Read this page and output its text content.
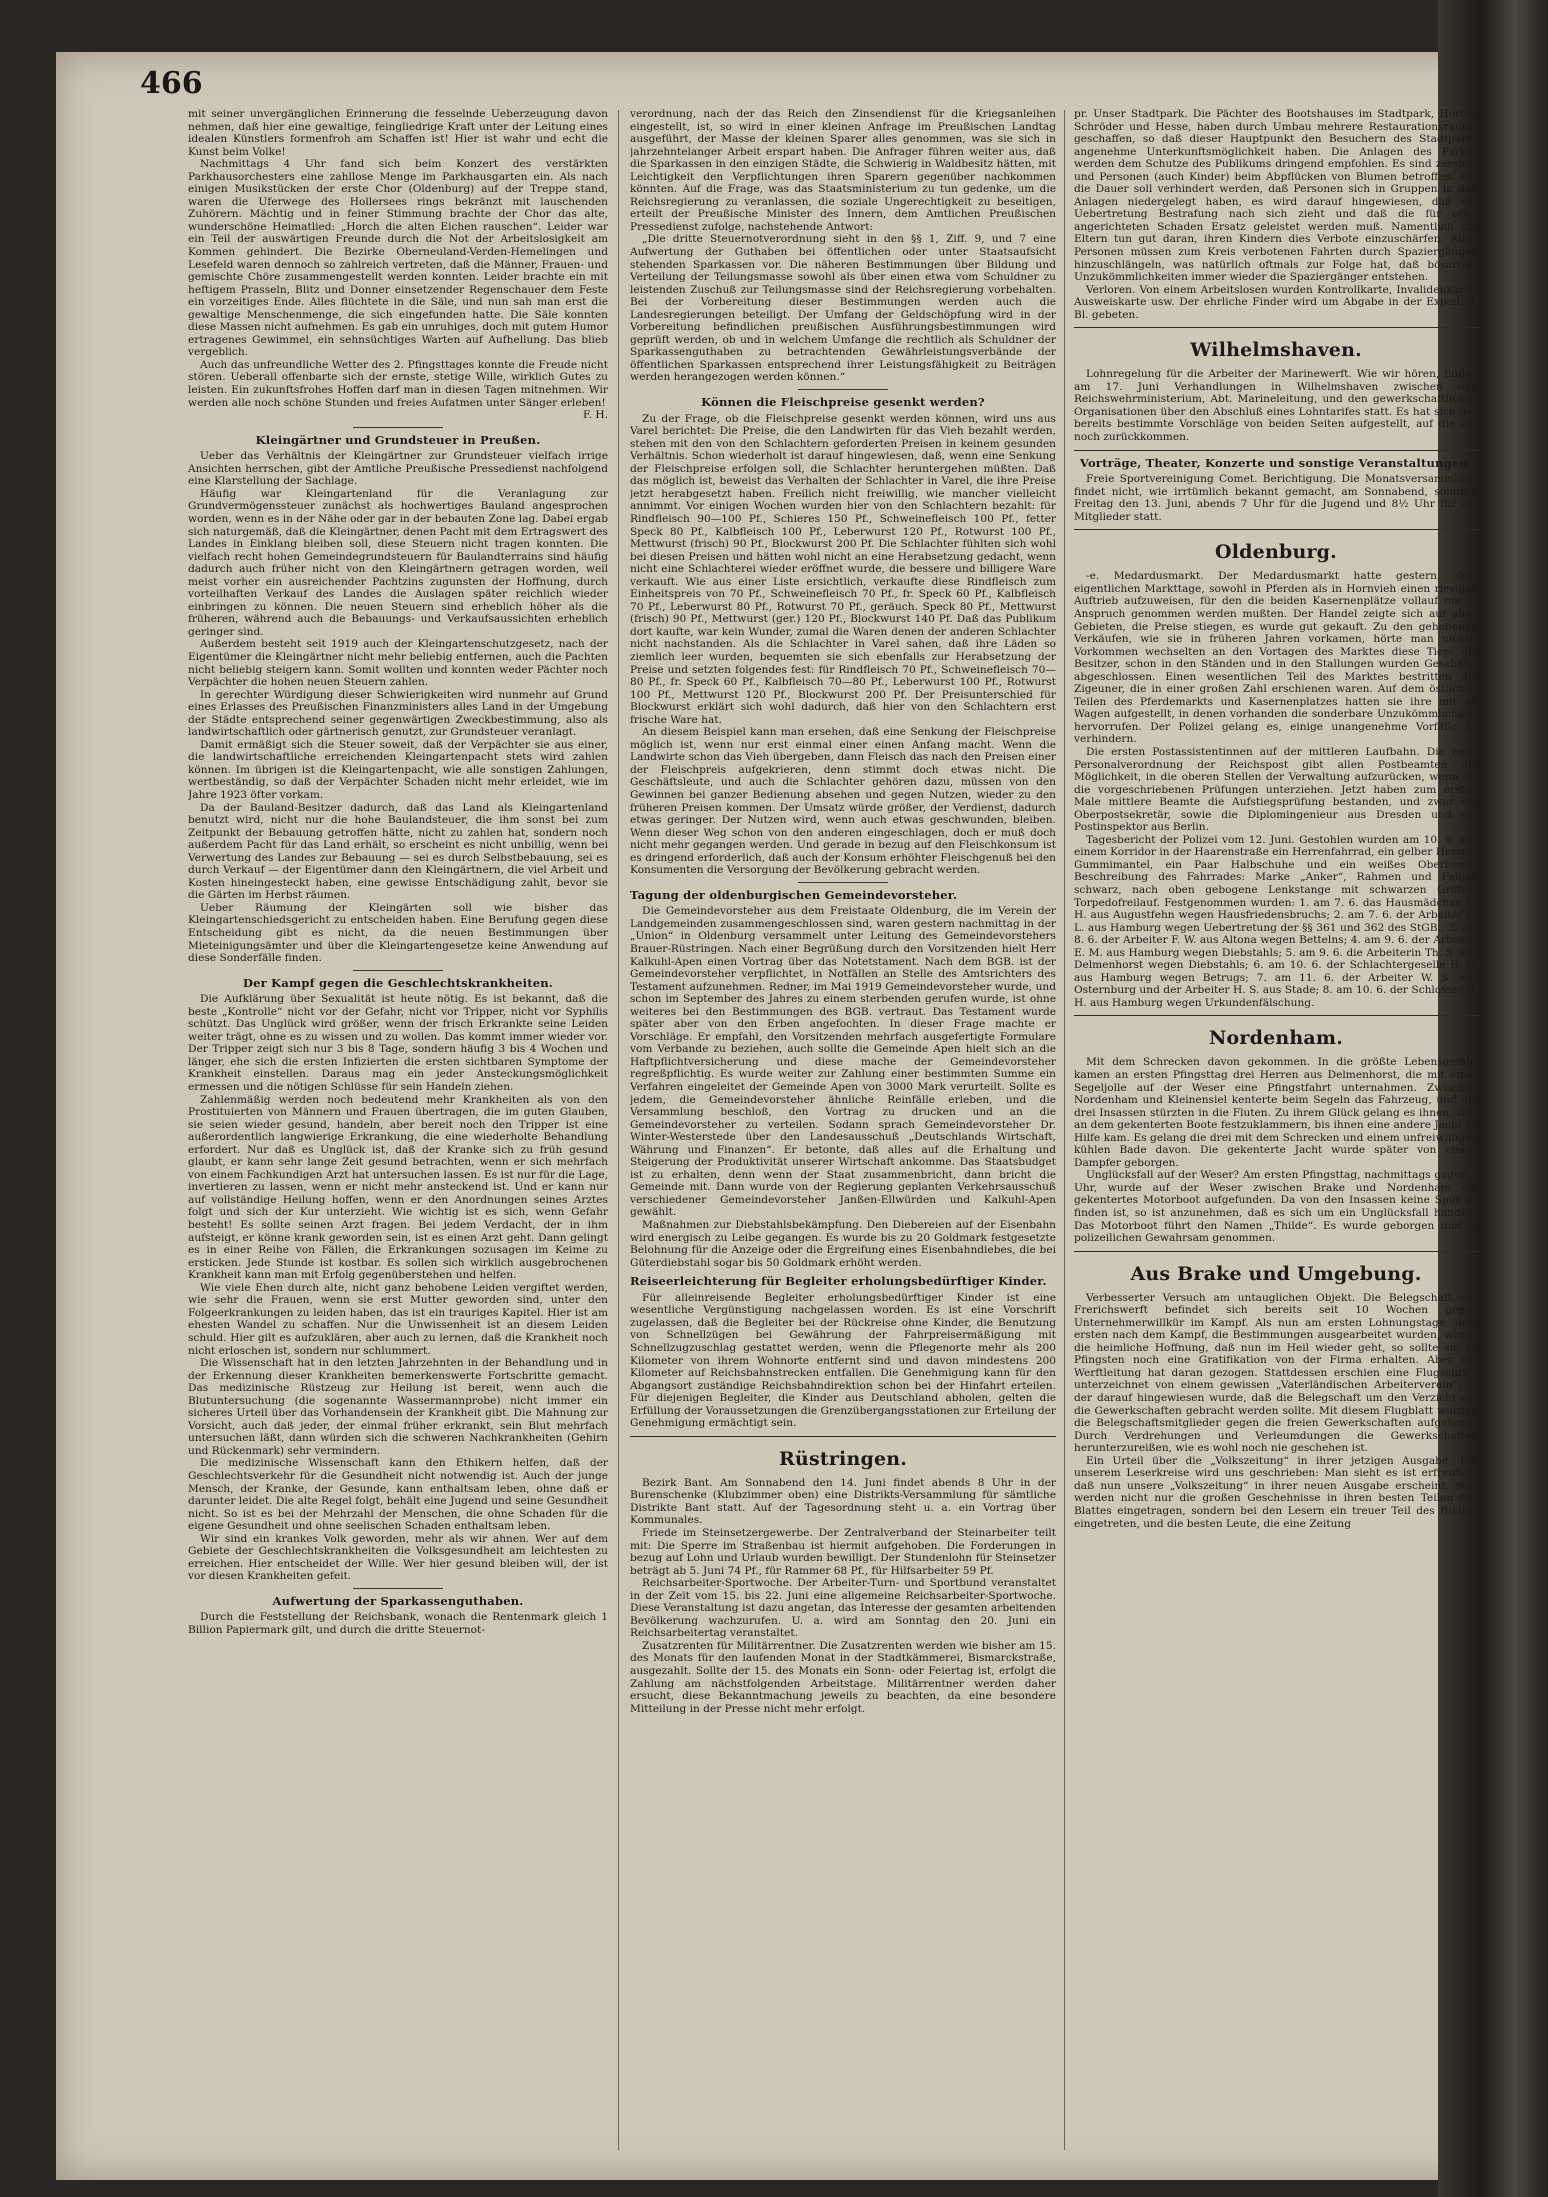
466

mit seiner unvergänglichen Erinnerung die fesselnde Ueberzeugung davon nehmen, daß hier eine gewaltige, feingliedrige Kraft unter der Leitung eines idealen Künstlers formenfroh am Schaffen ist! Hier ist wahr und echt die Kunst beim Volke!

Nachmittags 4 Uhr fand sich beim Konzert des verstärkten Parkhausorchesters eine zahllose Menge im Parkhausgarten ein. Als nach einigen Musikstücken der erste Chor (Oldenburg) auf der Treppe stand, waren die Uferwege des Hollersees rings bekränzt mit lauschenden Zuhörern. Mächtig und in feiner Stimmung brachte der Chor das alte, wunderschöne Heimatlied: „Horch die alten Eichen rauschen“. Leider war ein Teil der auswärtigen Freunde durch die Not der Arbeitslosigkeit am Kommen gehindert. Die Bezirke Oberneuland-Verden-Hemelingen und Lesefeld waren dennoch so zahlreich vertreten, daß die Männer, Frauen- und gemischte Chöre zusammengestellt werden konnten. Leider brachte ein mit heftigem Prasseln, Blitz und Donner einsetzender Regenschauer dem Feste ein vorzeitiges Ende. Alles flüchtete in die Säle, und nun sah man erst die gewaltige Menschenmenge, die sich eingefunden hatte. Die Säle konnten diese Massen nicht aufnehmen. Es gab ein unruhiges, doch mit gutem Humor ertragenes Gewimmel, ein sehnsüchtiges Warten auf Aufhellung. Das blieb vergeblich.

Auch das unfreundliche Wetter des 2. Pfingsttages konnte die Freude nicht stören. Ueberall offenbarte sich der ernste, stetige Wille, wirklich Gutes zu leisten. Ein zukunftsfrohes Hoffen darf man in diesen Tagen mitnehmen. Wir werden alle noch schöne Stunden und freies Aufatmen unter Sänger erleben!

F. H.

Kleingärtner und Grundsteuer in Preußen.

Ueber das Verhältnis der Kleingärtner zur Grundsteuer vielfach irrige Ansichten herrschen, gibt der Amtliche Preußische Pressedienst nachfolgend eine Klarstellung der Sachlage.

Häufig war Kleingartenland für die Veranlagung zur Grundvermögenssteuer zunächst als hochwertiges Bauland angesprochen worden, wenn es in der Nähe oder gar in der bebauten Zone lag. Dabei ergab sich naturgemäß, daß die Kleingärtner, denen Pacht mit dem Ertragswert des Landes in Einklang bleiben soll, diese Steuern nicht tragen konnten. Die vielfach recht hohen Gemeindegrundsteuern für Baulandterrains sind häufig dadurch auch früher nicht von den Kleingärtnern getragen worden, weil meist vorher ein ausreichender Pachtzins zugunsten der Hoffnung, durch vorteilhaften Verkauf des Landes die Auslagen später reichlich wieder einbringen zu können. Die neuen Steuern sind erheblich höher als die früheren, während auch die Bebauungs- und Verkaufsaussichten erheblich geringer sind.

Außerdem besteht seit 1919 auch der Kleingartenschutzgesetz, nach der Eigentümer die Kleingärtner nicht mehr beliebig entfernen, auch die Pachten nicht beliebig steigern kann. Somit wollten und konnten weder Pächter noch Verpächter die hohen neuen Steuern zahlen.

In gerechter Würdigung dieser Schwierigkeiten wird nunmehr auf Grund eines Erlasses des Preußischen Finanzministers alles Land in der Umgebung der Städte entsprechend seiner gegenwärtigen Zweckbestimmung, also als landwirtschaftlich oder gärtnerisch genutzt, zur Grundsteuer veranlagt.

Damit ermäßigt sich die Steuer soweit, daß der Verpächter sie aus einer, die landwirtschaftliche erreichenden Kleingartenpacht stets wird zahlen können. Im übrigen ist die Kleingartenpacht, wie alle sonstigen Zahlungen, wertbeständig, so daß der Verpächter Schaden nicht mehr erleidet, wie im Jahre 1923 öfter vorkam.

Da der Bauland-Besitzer dadurch, daß das Land als Kleingartenland benutzt wird, nicht nur die hohe Baulandsteuer, die ihm sonst bei zum Zeitpunkt der Bebauung getroffen hätte, nicht zu zahlen hat, sondern noch außerdem Pacht für das Land erhält, so erscheint es nicht unbillig, wenn bei Verwertung des Landes zur Bebauung — sei es durch Selbstbebauung, sei es durch Verkauf — der Eigentümer dann den Kleingärtnern, die viel Arbeit und Kosten hineingesteckt haben, eine gewisse Entschädigung zahlt, bevor sie die Gärten im Herbst räumen.

Ueber Räumung der Kleingärten soll wie bisher das Kleingartenschiedsgericht zu entscheiden haben. Eine Berufung gegen diese Entscheidung gibt es nicht, da die neuen Bestimmungen über Mieteinigungsämter und über die Kleingartengesetze keine Anwendung auf diese Sonderfälle finden.

Der Kampf gegen die Geschlechtskrankheiten.

Die Aufklärung über Sexualität ist heute nötig. Es ist bekannt, daß die beste „Kontrolle“ nicht vor der Gefahr, nicht vor Tripper, nicht vor Syphilis schützt. Das Unglück wird größer, wenn der frisch Erkrankte seine Leiden weiter trägt, ohne es zu wissen und zu wollen. Das kommt immer wieder vor. Der Tripper zeigt sich nur 3 bis 8 Tage, sondern häufig 3 bis 4 Wochen und länger, ehe sich die ersten Infizierten die ersten sichtbaren Symptome der Krankheit einstellen. Daraus mag ein jeder Ansteckungsmöglichkeit ermessen und die nötigen Schlüsse für sein Handeln ziehen.

Zahlenmäßig werden noch bedeutend mehr Krankheiten als von den Prostituierten von Männern und Frauen übertragen, die im guten Glauben, sie seien wieder gesund, handeln, aber bereit noch den Tripper ist eine außerordentlich langwierige Erkrankung, die eine wiederholte Behandlung erfordert. Nur daß es Unglück ist, daß der Kranke sich zu früh gesund glaubt, er kann sehr lange Zeit gesund betrachten, wenn er sich mehrfach von einem Fachkundigen Arzt hat untersuchen lassen. Es ist nur für die Lage, invertieren zu lassen, wenn er nicht mehr ansteckend ist. Und er kann nur auf vollständige Heilung hoffen, wenn er den Anordnungen seines Arztes folgt und sich der Kur unterzieht. Wie wichtig ist es sich, wenn Gefahr besteht! Es sollte seinen Arzt fragen. Bei jedem Verdacht, der in ihm aufsteigt, er könne krank geworden sein, ist es einen Arzt geht. Dann gelingt es in einer Reihe von Fällen, die Erkrankungen sozusagen im Keime zu ersticken. Jede Stunde ist kostbar. Es sollen sich wirklich ausgebrochenen Krankheit kann man mit Erfolg gegenüberstehen und helfen.

Wie viele Ehen durch alte, nicht ganz behobene Leiden vergiftet werden, wie sehr die Frauen, wenn sie erst Mutter geworden sind, unter den Folgeerkrankungen zu leiden haben, das ist ein trauriges Kapitel. Hier ist am ehesten Wandel zu schaffen. Nur die Unwissenheit ist an diesem Leiden schuld. Hier gilt es aufzuklären, aber auch zu lernen, daß die Krankheit noch nicht erloschen ist, sondern nur schlummert.

Die Wissenschaft hat in den letzten Jahrzehnten in der Behandlung und in der Erkennung dieser Krankheiten bemerkenswerte Fortschritte gemacht. Das medizinische Rüstzeug zur Heilung ist bereit, wenn auch die Blutuntersuchung (die sogenannte Wassermannprobe) nicht immer ein sicheres Urteil über das Vorhandensein der Krankheit gibt. Die Mahnung zur Vorsicht, auch daß jeder, der einmal früher erkrankt, sein Blut mehrfach untersuchen läßt, dann würden sich die schweren Nachkrankheiten (Gehirn und Rückenmark) sehr vermindern.

Die medizinische Wissenschaft kann den Ethikern helfen, daß der Geschlechtsverkehr für die Gesundheit nicht notwendig ist. Auch der junge Mensch, der Kranke, der Gesunde, kann enthaltsam leben, ohne daß er darunter leidet. Die alte Regel folgt, behält eine Jugend und seine Gesundheit nicht. So ist es bei der Mehrzahl der Menschen, die ohne Schaden für die eigene Gesundheit und ohne seelischen Schaden enthaltsam leben.

Wir sind ein krankes Volk geworden, mehr als wir ahnen. Wer auf dem Gebiete der Geschlechtskrankheiten die Volksgesundheit am leichtesten zu erreichen. Hier entscheidet der Wille. Wer hier gesund bleiben will, der ist vor diesen Krankheiten gefeit.

Aufwertung der Sparkassenguthaben.

Durch die Feststellung der Reichsbank, wonach die Rentenmark gleich 1 Billion Papiermark gilt, und durch die dritte Steuernot-

verordnung, nach der das Reich den Zinsendienst für die Kriegsanleihen eingestellt, ist, so wird in einer kleinen Anfrage im Preußischen Landtag ausgeführt, der Masse der kleinen Sparer alles genommen, was sie sich in jahrzehntelanger Arbeit erspart haben. Die Anfrager führen weiter aus, daß die Sparkassen in den einzigen Städte, die Schwierig in Waldbesitz hätten, mit Leichtigkeit den Verpflichtungen ihren Sparern gegenüber nachkommen könnten. Auf die Frage, was das Staatsministerium zu tun gedenke, um die Reichsregierung zu veranlassen, die soziale Ungerechtigkeit zu beseitigen, erteilt der Preußische Minister des Innern, dem Amtlichen Preußischen Pressedienst zufolge, nachstehende Antwort:

„Die dritte Steuernotverordnung sieht in den §§ 1, Ziff. 9, und 7 eine Aufwertung der Guthaben bei öffentlichen oder unter Staatsaufsicht stehenden Sparkassen vor. Die näheren Bestimmungen über Bildung und Verteilung der Teilungsmasse sowohl als über einen etwa vom Schuldner zu leistenden Zuschuß zur Teilungsmasse sind der Reichsregierung vorbehalten. Bei der Vorbereitung dieser Bestimmungen werden auch die Landesregierungen beteiligt. Der Umfang der Geldschöpfung wird in der Vorbereitung befindlichen preußischen Ausführungsbestimmungen wird geprüft werden, ob und in welchem Umfange die rechtlich als Schuldner der Sparkassenguthaben zu betrachtenden Gewährleistungsverbände der öffentlichen Sparkassen entsprechend ihrer Leistungsfähigkeit zu Beiträgen werden herangezogen werden können.“

Können die Fleischpreise gesenkt werden?

Zu der Frage, ob die Fleischpreise gesenkt werden können, wird uns aus Varel berichtet: Die Preise, die den Landwirten für das Vieh bezahlt werden, stehen mit den von den Schlachtern geforderten Preisen in keinem gesunden Verhältnis. Schon wiederholt ist darauf hingewiesen, daß, wenn eine Senkung der Fleischpreise erfolgen soll, die Schlachter heruntergehen müßten. Daß das möglich ist, beweist das Verhalten der Schlachter in Varel, die ihre Preise jetzt herabgesetzt haben. Freilich nicht freiwillig, wie mancher vielleicht annimmt. Vor einigen Wochen wurden hier von den Schlachtern bezahlt: für Rindfleisch 90—100 Pf., Schieres 150 Pf., Schweinefleisch 100 Pf., fetter Speck 80 Pf., Kalbfleisch 100 Pf., Leberwurst 120 Pf., Rotwurst 100 Pf., Mettwurst (frisch) 90 Pf., Blockwurst 200 Pf. Die Schlachter fühlten sich wohl bei diesen Preisen und hätten wohl nicht an eine Herabsetzung gedacht, wenn nicht eine Schlachterei wieder eröffnet wurde, die bessere und billigere Ware verkauft. Wie aus einer Liste ersichtlich, verkaufte diese Rindfleisch zum Einheitspreis von 70 Pf., Schweinefleisch 70 Pf., fr. Speck 60 Pf., Kalbfleisch 70 Pf., Leberwurst 80 Pf., Rotwurst 70 Pf., geräuch. Speck 80 Pf., Mettwurst (frisch) 90 Pf., Mettwurst (ger.) 120 Pf., Blockwurst 140 Pf. Daß das Publikum dort kaufte, war kein Wunder, zumal die Waren denen der anderen Schlachter nicht nachstanden. Als die Schlachter in Varel sahen, daß ihre Läden so ziemlich leer wurden, bequemten sie sich ebenfalls zur Herabsetzung der Preise und setzten folgendes fest: für Rindfleisch 70 Pf., Schweinefleisch 70—80 Pf., fr. Speck 60 Pf., Kalbfleisch 70—80 Pf., Leberwurst 100 Pf., Rotwurst 100 Pf., Mettwurst 120 Pf., Blockwurst 200 Pf. Der Preisunterschied für Blockwurst erklärt sich wohl dadurch, daß hier von den Schlachtern erst frische Ware hat.

An diesem Beispiel kann man ersehen, daß eine Senkung der Fleischpreise möglich ist, wenn nur erst einmal einer einen Anfang macht. Wenn die Landwirte schon das Vieh übergeben, dann Fleisch das nach den Preisen einer der Fleischpreis aufgekrieren, denn stimmt doch etwas nicht. Die Geschäftsleute, und auch die Schlachter gehören dazu, müssen von den Gewinnen bei ganzer Bedienung absehen und gegen Nutzen, wieder zu den früheren Preisen kommen. Der Umsatz würde größer, der Verdienst, dadurch etwas geringer. Der Nutzen wird, wenn auch etwas geschwunden, bleiben. Wenn dieser Weg schon von den anderen eingeschlagen, doch er muß doch nicht mehr gegangen werden. Und gerade in bezug auf den Fleischkonsum ist es dringend erforderlich, daß auch der Konsum erhöhter Fleischgenuß bei den Konsumenten die Versorgung der Bevölkerung gebracht werden.

Tagung der oldenburgischen Gemeindevorsteher.

Die Gemeindevorsteher aus dem Freistaate Oldenburg, die im Verein der Landgemeinden zusammengeschlossen sind, waren gestern nachmittag in der „Union“ in Oldenburg versammelt unter Leitung des Gemeindevorstehers Brauer-Rüstringen. Nach einer Begrüßung durch den Vorsitzenden hielt Herr Kalkuhl-Apen einen Vortrag über das Notetstament. Nach dem BGB. ist der Gemeindevorsteher verpflichtet, in Notfällen an Stelle des Amtsrichters des Testament aufzunehmen. Redner, im Mai 1919 Gemeindevorsteher wurde, und schon im September des Jahres zu einem sterbenden gerufen wurde, ist ohne weiteres bei den Bestimmungen des BGB. vertraut. Das Testament wurde später aber von den Erben angefochten. In dieser Frage machte er Vorschläge. Er empfahl, den Vorsitzenden mehrfach ausgefertigte Formulare vom Verbande zu beziehen, auch sollte die Gemeinde Apen hielt sich an die Haftpflichtversicherung und diese mache der Gemeindevorsteher regreßpflichtig. Es wurde weiter zur Zahlung einer bestimmten Summe ein Verfahren eingeleitet der Gemeinde Apen von 3000 Mark verurteilt. Sollte es jedem, die Gemeindevorsteher ähnliche Reinfälle erleben, und die Versammlung beschloß, den Vortrag zu drucken und an die Gemeindevorsteher zu verteilen. Sodann sprach Gemeindevorsteher Dr. Winter-Westerstede über den Landesausschuß „Deutschlands Wirtschaft, Währung und Finanzen“. Er betonte, daß alles auf die Erhaltung und Steigerung der Produktivität unserer Wirtschaft ankomme. Das Staatsbudget ist zu erhalten, denn wenn der Staat zusammenbricht, dann bricht die Gemeinde mit. Dann wurde von der Regierung geplanten Verkehrsausschuß verschiedener Gemeindevorsteher Janßen-Ellwürden und Kalkuhl-Apen gewählt.

Maßnahmen zur Diebstahlsbekämpfung. Den Diebereien auf der Eisenbahn wird energisch zu Leibe gegangen. Es wurde bis zu 20 Goldmark festgesetzte Belohnung für die Anzeige oder die Ergreifung eines Eisenbahndiebes, die bei Güterdiebstahl sogar bis 50 Goldmark erhöht werden.

Reiseerleichterung für Begleiter erholungsbedürftiger Kinder.

Für alleinreisende Begleiter erholungsbedürftiger Kinder ist eine wesentliche Vergünstigung nachgelassen worden. Es ist eine Vorschrift zugelassen, daß die Begleiter bei der Rückreise ohne Kinder, die Benutzung von Schnellzügen bei Gewährung der Fahrpreisermäßigung mit Schnellzugzuschlag gestattet werden, wenn die Pflegenorte mehr als 200 Kilometer von ihrem Wohnorte entfernt sind und davon mindestens 200 Kilometer auf Reichsbahnstrecken entfallen. Die Genehmigung kann für den Abgangsort zuständige Reichsbahndirektion schon bei der Hinfahrt erteilen. Für diejenigen Begleiter, die Kinder aus Deutschland abholen, gelten die Erfüllung der Voraussetzungen die Grenzübergangsstationen zur Erteilung der Genehmigung ermächtigt sein.

Rüstringen.

Bezirk Bant. Am Sonnabend den 14. Juni findet abends 8 Uhr in der Burenschenke (Klubzimmer oben) eine Distrikts-Versammlung für sämtliche Distrikte Bant statt. Auf der Tagesordnung steht u. a. ein Vortrag über Kommunales.

Friede im Steinsetzergewerbe. Der Zentralverband der Steinarbeiter teilt mit: Die Sperre im Straßenbau ist hiermit aufgehoben. Die Forderungen in bezug auf Lohn und Urlaub wurden bewilligt. Der Stundenlohn für Steinsetzer beträgt ab 5. Juni 74 Pf., für Rammer 68 Pf., für Hilfsarbeiter 59 Pf.

Reichsarbeiter-Sportwoche. Der Arbeiter-Turn- und Sportbund veranstaltet in der Zeit vom 15. bis 22. Juni eine allgemeine Reichsarbeiter-Sportwoche. Diese Veranstaltung ist dazu angetan, das Interesse der gesamten arbeitenden Bevölkerung wachzurufen. U. a. wird am Sonntag den 20. Juni ein Reichsarbeitertag veranstaltet.

Zusatzrenten für Militärrentner. Die Zusatzrenten werden wie bisher am 15. des Monats für den laufenden Monat in der Stadtkämmerei, Bismarckstraße, ausgezahlt. Sollte der 15. des Monats ein Sonn- oder Feiertag ist, erfolgt die Zahlung am nächstfolgenden Arbeitstage. Militärrentner werden daher ersucht, diese Bekanntmachung jeweils zu beachten, da eine besondere Mitteilung in der Presse nicht mehr erfolgt.

pr. Unser Stadtpark. Die Pächter des Bootshauses im Stadtpark, Herren Schröder und Hesse, haben durch Umbau mehrere Restaurationsräume geschaffen, so daß dieser Hauptpunkt den Besuchern des Stadtparks angenehme Unterkunftsmöglichkeit haben. Die Anlagen des Parkes werden dem Schutze des Publikums dringend empfohlen. Es sind zerstört und Personen (auch Kinder) beim Abpflücken von Blumen betroffen. Auf die Dauer soll verhindert werden, daß Personen sich in Gruppen in den Anlagen niedergelegt haben, es wird darauf hingewiesen, daß die Uebertretung Bestrafung nach sich zieht und daß die für etwa angerichteten Schaden Ersatz geleistet werden muß. Namentlich die Eltern tun gut daran, ihren Kindern dies Verbote einzuschärfen. Allen Personen müssen zum Kreis verbotenen Fahrten durch Spaziergängen hinzuschlängeln, was natürlich oftmals zur Folge hat, daß bösartige Unzukömmlichkeiten immer wieder die Spaziergänger entstehen.

Verloren. Von einem Arbeitslosen wurden Kontrollkarte, Invalidenkarte, Ausweiskarte usw. Der ehrliche Finder wird um Abgabe in der Exped. d. Bl. gebeten.

Wilhelmshaven.

Lohnregelung für die Arbeiter der Marinewerft. Wie wir hören, finden am 17. Juni Verhandlungen in Wilhelmshaven zwischen den Reichswehrministerium, Abt. Marineleitung, und den gewerkschaftlichen Organisationen über den Abschluß eines Lohntarifes statt. Es hat sich das bereits bestimmte Vorschläge von beiden Seiten aufgestellt, auf die wir noch zurückkommen.

Vorträge, Theater, Konzerte und sonstige Veranstaltungen.

Freie Sportvereinigung Comet. Berichtigung. Die Monatsversammlung findet nicht, wie irrtümlich bekannt gemacht, am Sonnabend, sondern Freitag den 13. Juni, abends 7 Uhr für die Jugend und 8½ Uhr für die Mitglieder statt.

Oldenburg.

-e. Medardusmarkt. Der Medardusmarkt hatte gestern, dem eigentlichen Markttage, sowohl in Pferden als in Hornvieh einen riesigen Auftrieb aufzuweisen, für den die beiden Kasernenplätze vollauf mit in Anspruch genommen werden mußten. Der Handel zeigte sich auf allen Gebieten, die Preise stiegen, es wurde gut gekauft. Zu den gehobenen Verkäufen, wie sie in früheren Jahren vorkamen, hörte man nichts. Vorkommen wechselten an den Vortagen des Marktes diese Tiere die Besitzer, schon in den Ständen und in den Stallungen wurden Geschäfte abgeschlossen. Einen wesentlichen Teil des Marktes bestritten die Zigeuner, die in einer großen Zahl erschienen waren. Auf dem östlichen Teilen des Pferdemarkts und Kasernenplatzes hatten sie ihre mit 40 Wagen aufgestellt, in denen vorhanden die sonderbare Unzukömmlichkeit hervorrufen. Der Polizei gelang es, einige unangenehme Vorfälle zu verhindern.

Die ersten Postassistentinnen auf der mittleren Laufbahn. Die neue Personalverordnung der Reichspost gibt allen Postbeamten die Möglichkeit, in die oberen Stellen der Verwaltung aufzurücken, wenn sie die vorgeschriebenen Prüfungen unterziehen. Jetzt haben zum ersten Male mittlere Beamte die Aufstiegsprüfung bestanden, und zwar ein Oberpostsekretär, sowie die Diplomingenieur aus Dresden und ein Postinspektor aus Berlin.

Tagesbericht der Polizei vom 12. Juni. Gestohlen wurden am 10. 6. aus einem Korridor in der Haarenstraße ein Herrenfahrrad, ein gelber Herren-Gummimantel, ein Paar Halbschuhe und ein weißes Oberhemd. Beschreibung des Fahrrades: Marke „Anker“, Rahmen und Felgen schwarz, nach oben gebogene Lenkstange mit schwarzen Griffen, Torpedofreilauf. Festgenommen wurden: 1. am 7. 6. das Hausmädchen O. H. aus Augustfehn wegen Hausfriedensbruchs; 2. am 7. 6. der Arbeiter E. L. aus Hamburg wegen Uebertretung der §§ 361 und 362 des StGB.; 3. am 8. 6. der Arbeiter F. W. aus Altona wegen Bettelns; 4. am 9. 6. der Arbeiter E. M. aus Hamburg wegen Diebstahls; 5. am 9. 6. die Arbeiterin Th. S. aus Delmenhorst wegen Diebstahls; 6. am 10. 6. der Schlachtergeselle B. D. aus Hamburg wegen Betrugs; 7. am 11. 6. der Arbeiter W. S. aus Osternburg und der Arbeiter H. S. aus Stade; 8. am 10. 6. der Schlosser B. H. aus Hamburg wegen Urkundenfälschung.

Nordenham.

Mit dem Schrecken davon gekommen. In die größte Lebensgefahr kamen an ersten Pfingsttag drei Herren aus Delmenhorst, die mit einer Segeljolle auf der Weser eine Pfingstfahrt unternahmen. Zwischen Nordenham und Kleinensiel kenterte beim Segeln das Fahrzeug, und die drei Insassen stürzten in die Fluten. Zu ihrem Glück gelang es ihnen, sich an dem gekenterten Boote festzuklammern, bis ihnen eine andere Jacht zu Hilfe kam. Es gelang die drei mit dem Schrecken und einem unfreiwilligen kühlen Bade davon. Die gekenterte Jacht wurde später von einem Dampfer geborgen.

Unglücksfall auf der Weser? Am ersten Pfingsttag, nachmittags gegen 3 Uhr, wurde auf der Weser zwischen Brake und Nordenham ein gekentertes Motorboot aufgefunden. Da von den Insassen keine Spur zu finden ist, so ist anzunehmen, daß es sich um ein Unglücksfall handelt. Das Motorboot führt den Namen „Thilde“. Es wurde geborgen und in polizeilichen Gewahrsam genommen.

Aus Brake und Umgebung.

Verbesserter Versuch am untauglichen Objekt. Die Belegschaft der Frerichswerft befindet sich bereits seit 10 Wochen gegen Unternehmerwillkür im Kampf. Als nun am ersten Lohnungstage, dem ersten nach dem Kampf, die Bestimmungen ausgearbeitet wurden, waren die heimliche Hoffnung, daß nun im Heil wieder geht, so sollte sie zu Pfingsten noch eine Gratifikation von der Firma erhalten. Aber die Werftleitung hat daran gezogen. Stattdessen erschien eine Flugschrift, unterzeichnet von einem gewissen „Vaterländischen Arbeiterverein“, in der darauf hingewiesen wurde, daß die Belegschaft um den Verzicht auf die Gewerkschaften gebracht werden sollte. Mit diesem Flugblatt wurden die Belegschaftsmitglieder gegen die freien Gewerkschaften aufgehetzt. Durch Verdrehungen und Verleumdungen die Gewerkschaften herunterzureißen, wie es wohl noch nie geschehen ist.

Ein Urteil über die „Volkszeitung“ in ihrer jetzigen Ausgabe. Ein unserem Leserkreise wird uns geschrieben: Man sieht es ist erfreulich, daß nun unsere „Volkszeitung“ in ihrer neuen Ausgabe erscheint. Nun werden nicht nur die großen Geschehnisse in ihren besten Teilen des Blattes eingetragen, sondern bei den Lesern ein treuer Teil des Blattes eingetreten, und die besten Leute, die eine Zeitung
